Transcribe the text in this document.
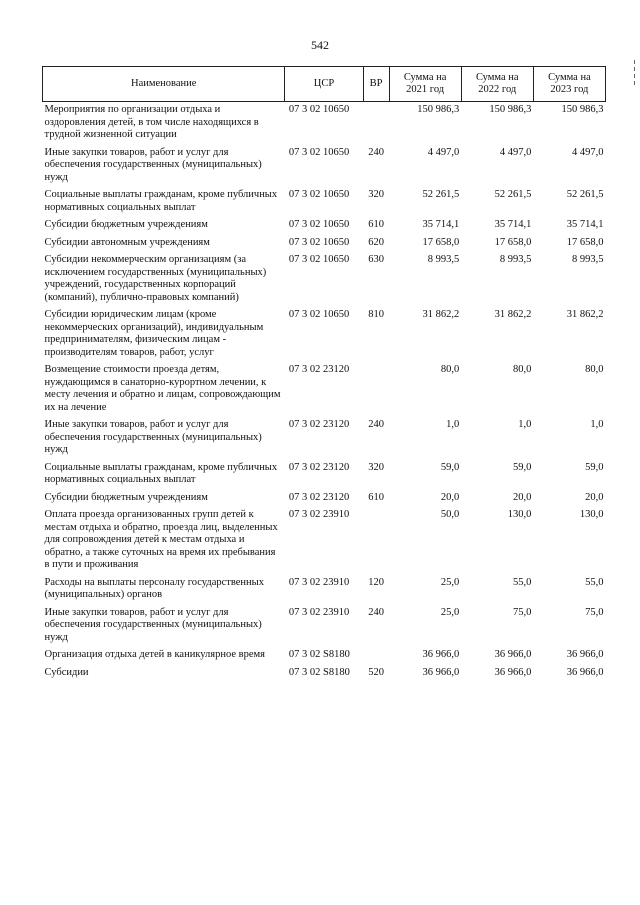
542
Наименование	ЦСР	ВР	Сумма на 2021 год	Сумма на 2022 год	Сумма на 2023 год
Мероприятия по организации отдыха и оздоровления детей, в том числе находящихся в трудной жизненной ситуации	07 3 02 10650		150 986,3	150 986,3	150 986,3
Иные закупки товаров, работ и услуг для обеспечения государственных (муниципальных) нужд	07 3 02 10650	240	4 497,0	4 497,0	4 497,0
Социальные выплаты гражданам, кроме публичных нормативных социальных выплат	07 3 02 10650	320	52 261,5	52 261,5	52 261,5
Субсидии бюджетным учреждениям	07 3 02 10650	610	35 714,1	35 714,1	35 714,1
Субсидии автономным учреждениям	07 3 02 10650	620	17 658,0	17 658,0	17 658,0
Субсидии некоммерческим организациям (за исключением государственных (муниципальных) учреждений, государственных корпораций (компаний), публично-правовых компаний)	07 3 02 10650	630	8 993,5	8 993,5	8 993,5
Субсидии юридическим лицам (кроме некоммерческих организаций), индивидуальным предпринимателям, физическим лицам - производителям товаров, работ, услуг	07 3 02 10650	810	31 862,2	31 862,2	31 862,2
Возмещение стоимости проезда детям, нуждающимся в санаторно-курортном лечении, к месту лечения и обратно и лицам, сопровождающим их на лечение	07 3 02 23120		80,0	80,0	80,0
Иные закупки товаров, работ и услуг для обеспечения государственных (муниципальных) нужд	07 3 02 23120	240	1,0	1,0	1,0
Социальные выплаты гражданам, кроме публичных нормативных социальных выплат	07 3 02 23120	320	59,0	59,0	59,0
Субсидии бюджетным учреждениям	07 3 02 23120	610	20,0	20,0	20,0
Оплата проезда организованных групп детей к местам отдыха и обратно, проезда лиц, выделенных для сопровождения детей к местам отдыха и обратно, а также суточных на время их пребывания в пути и проживания	07 3 02 23910		50,0	130,0	130,0
Расходы на выплаты персоналу государственных (муниципальных) органов	07 3 02 23910	120	25,0	55,0	55,0
Иные закупки товаров, работ и услуг для обеспечения государственных (муниципальных) нужд	07 3 02 23910	240	25,0	75,0	75,0
Организация отдыха детей в каникулярное время	07 3 02 S8180		36 966,0	36 966,0	36 966,0
Субсидии	07 3 02 S8180	520	36 966,0	36 966,0	36 966,0
